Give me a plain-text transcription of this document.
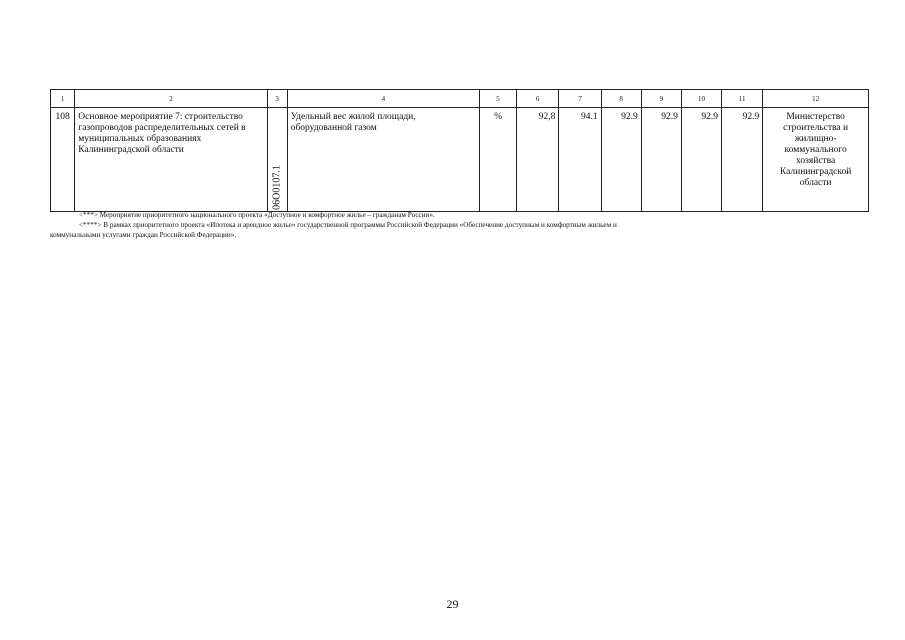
1	2	3	4	5	6	7	8	9	10	11	12
108	Основное мероприятие 7: строительство газопроводов распределительных сетей в муниципальных образованиях Калининградской области	06О0107.1	Удельный вес жилой площади, оборудованной газом	%	92,8	94.1	92.9	92.9	92.9	92.9	Министерство строительства и жилищно-коммунального хозяйства Калининградской области
<***> Мероприятие приоритетного национального проекта «Доступное и комфортное жилье – гражданам России».
<****> В рамках приоритетного проекта «Ипотека и арендное жилье» государственной программы Российской Федерации «Обеспечение доступным и комфортным жильем и
коммунальными услугами граждан Российской Федерации».
29
